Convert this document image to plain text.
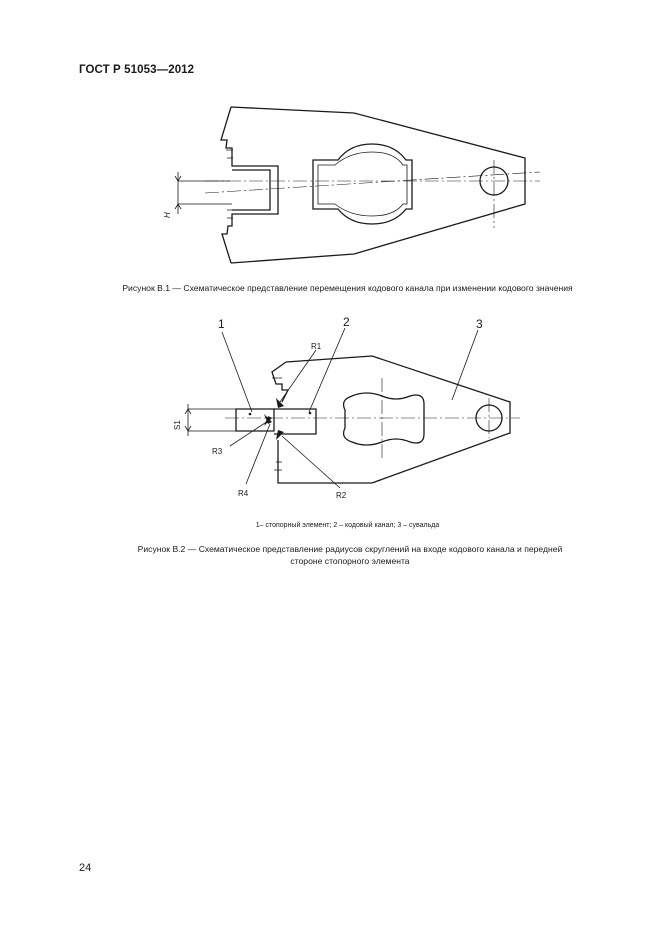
ГОСТ Р 51053—2012
H
Рисунок В.1 — Схематическое представление перемещения кодового канала при изменении кодового значения
1	2	3
R1
R2
R3
R4
S1
1– стопорный элемент; 2 – кодовый канал; 3 – сувальда
Рисунок В.2 — Схематическое представление радиусов скруглений на входе кодового канала и передней
стороне стопорного элемента
24
